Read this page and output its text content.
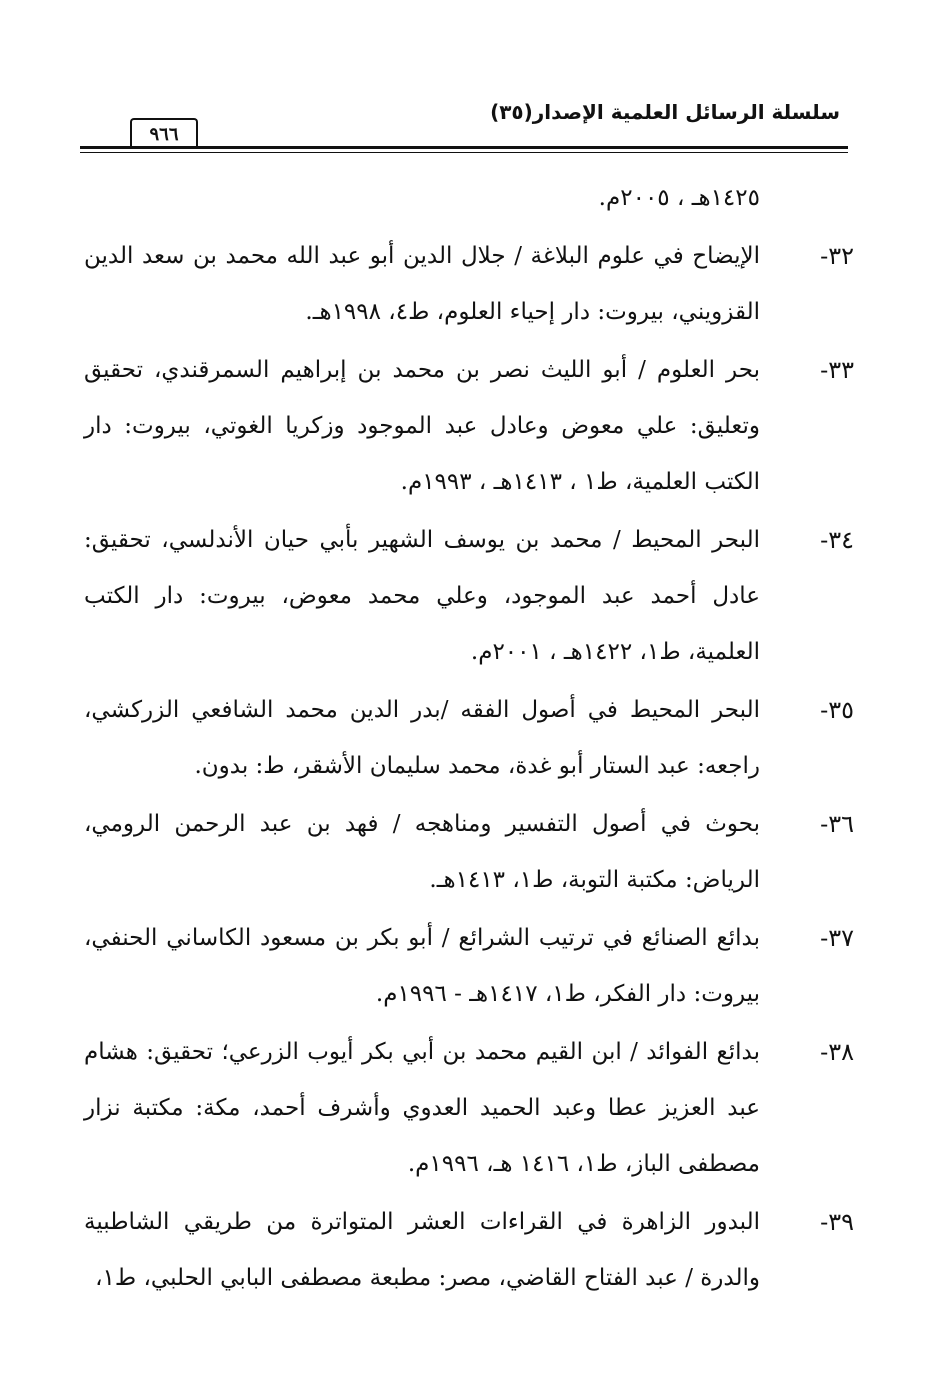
سلسلة الرسائل العلمية الإصدار(٣٥)
٩٦٦
١٤٢٥هـ ، ٢٠٠٥م.
٣٢-
الإيضاح في علوم البلاغة / جلال الدين أبو عبد الله محمد بن سعد الدين القزويني، بيروت: دار إحياء العلوم، ط٤، ١٩٩٨هـ.
٣٣-
بحر العلوم / أبو الليث نصر بن محمد بن إبراهيم السمرقندي، تحقيق وتعليق: علي معوض وعادل عبد الموجود وزكريا الغوتي، بيروت: دار الكتب العلمية، ط١ ، ١٤١٣هـ ، ١٩٩٣م.
٣٤-
البحر المحيط / محمد بن يوسف الشهير بأبي حيان الأندلسي، تحقيق: عادل أحمد عبد الموجود، وعلي محمد معوض، بيروت: دار الكتب العلمية، ط١، ١٤٢٢هـ ، ٢٠٠١م.
٣٥-
البحر المحيط في أصول الفقه /بدر الدين محمد الشافعي الزركشي، راجعه: عبد الستار أبو غدة، محمد سليمان الأشقر، ط: بدون.
٣٦-
بحوث في أصول التفسير ومناهجه / فهد بن عبد الرحمن الرومي، الرياض: مكتبة التوبة، ط١، ١٤١٣هـ.
٣٧-
بدائع الصنائع في ترتيب الشرائع / أبو بكر بن مسعود الكاساني الحنفي، بيروت: دار الفكر، ط١، ١٤١٧هـ - ١٩٩٦م.
٣٨-
بدائع الفوائد / ابن القيم محمد بن أبي بكر أيوب الزرعي؛ تحقيق: هشام عبد العزيز عطا وعبد الحميد العدوي وأشرف أحمد، مكة: مكتبة نزار مصطفى الباز، ط١، ١٤١٦ هـ، ١٩٩٦م.
٣٩-
البدور الزاهرة في القراءات العشر المتواترة من طريقي الشاطبية والدرة / عبد الفتاح القاضي، مصر: مطبعة مصطفى البابي الحلبي، ط١،
